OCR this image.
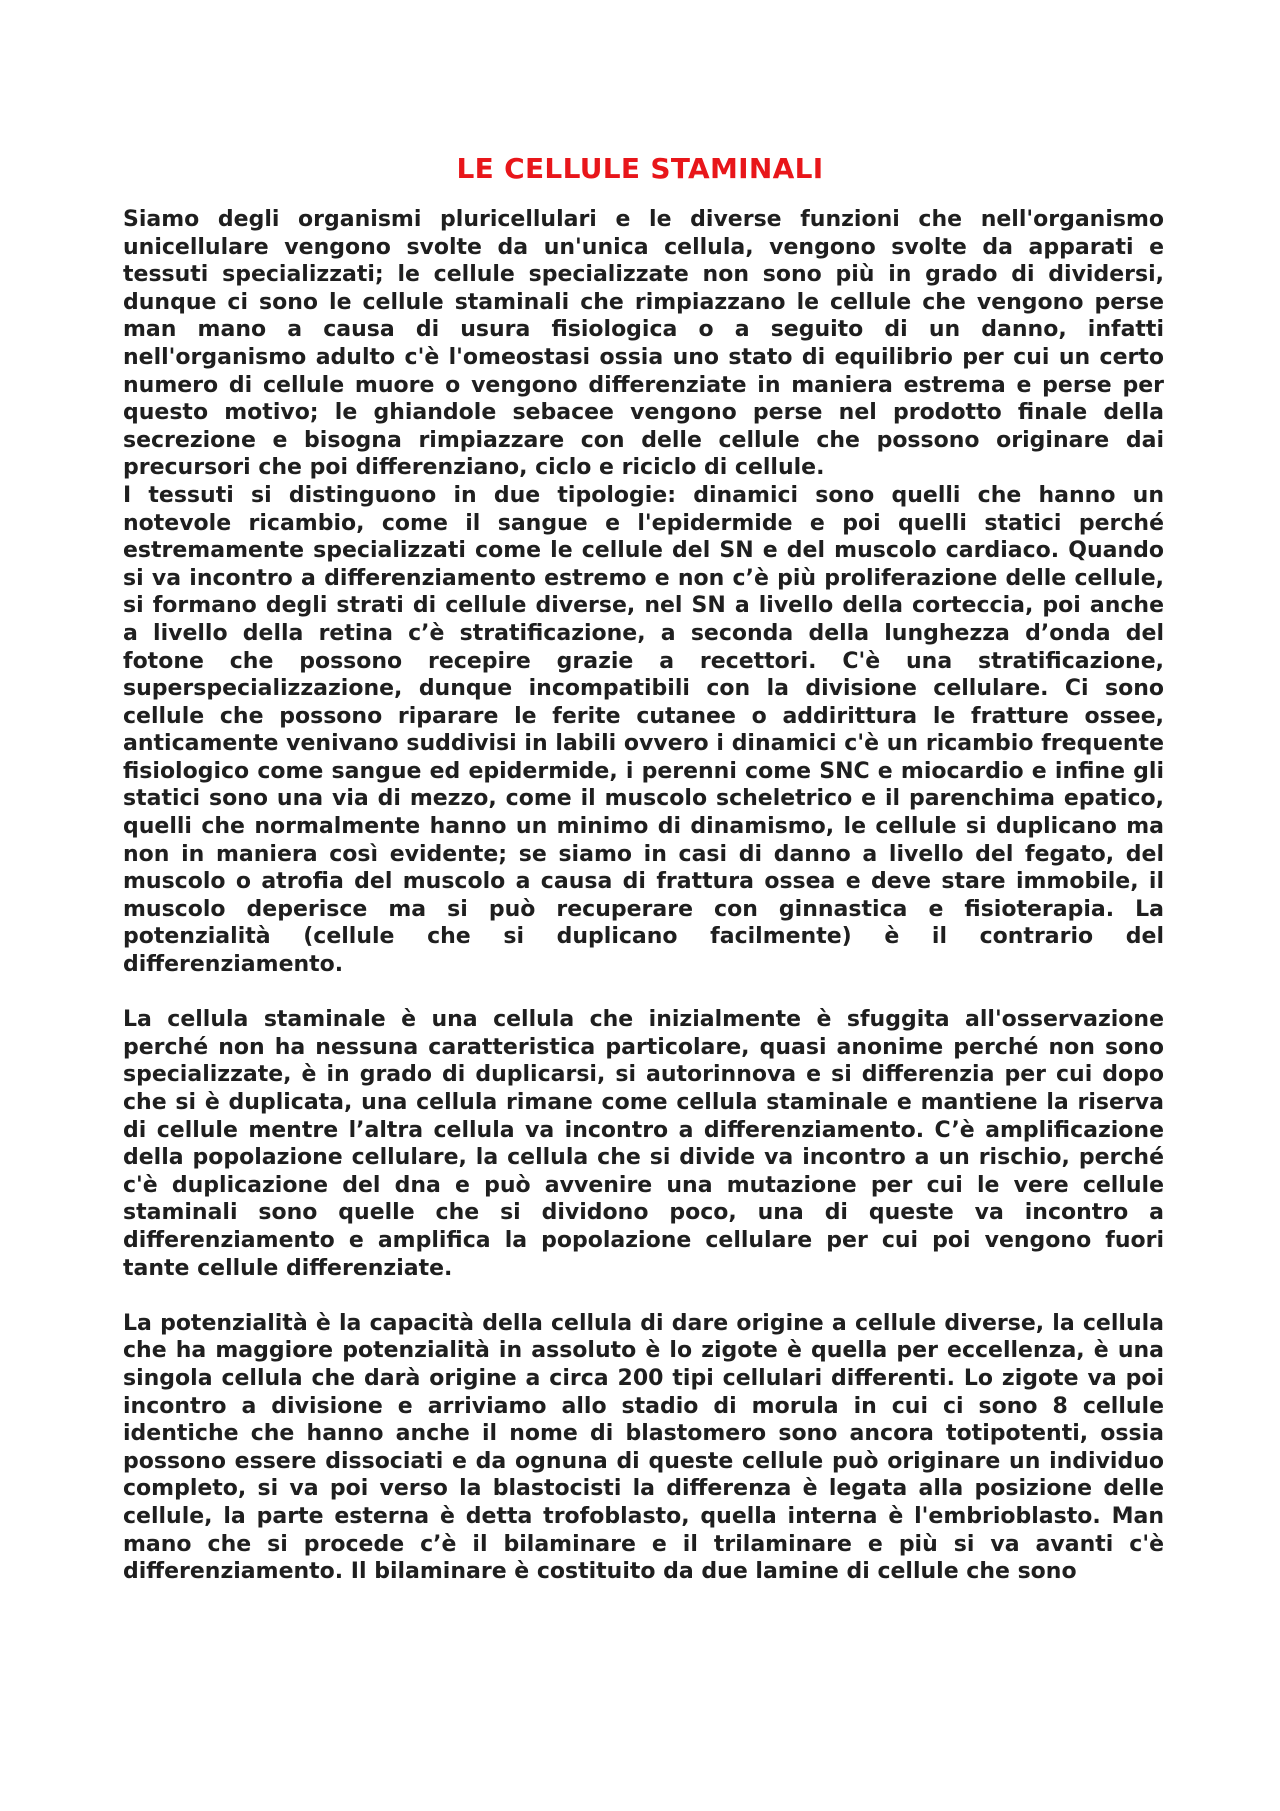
LE CELLULE STAMINALI

Siamo degli organismi pluricellulari e le diverse funzioni che nell'organismo unicellulare vengono svolte da un'unica cellula, vengono svolte da apparati e tessuti specializzati; le cellule specializzate non sono più in grado di dividersi, dunque ci sono le cellule staminali che rimpiazzano le cellule che vengono perse man mano a causa di usura fisiologica o a seguito di un danno, infatti nell'organismo adulto c'è l'omeostasi ossia uno stato di equilibrio per cui un certo numero di cellule muore o vengono differenziate in maniera estrema e perse per questo motivo; le ghiandole sebacee vengono perse nel prodotto finale della secrezione e bisogna rimpiazzare con delle cellule che possono originare dai precursori che poi differenziano, ciclo e riciclo di cellule.

I tessuti si distinguono in due tipologie: dinamici sono quelli che hanno un notevole ricambio, come il sangue e l'epidermide e poi quelli statici perché estremamente specializzati come le cellule del SN e del muscolo cardiaco. Quando si va incontro a differenziamento estremo e non c’è più proliferazione delle cellule, si formano degli strati di cellule diverse, nel SN a livello della corteccia, poi anche a livello della retina c’è stratificazione, a seconda della lunghezza d’onda del fotone che possono recepire grazie a recettori. C'è una stratificazione, superspecializzazione, dunque incompatibili con la divisione cellulare. Ci sono cellule che possono riparare le ferite cutanee o addirittura le fratture ossee, anticamente venivano suddivisi in labili ovvero i dinamici c'è un ricambio frequente fisiologico come sangue ed epidermide, i perenni come SNC e miocardio e infine gli statici sono una via di mezzo, come il muscolo scheletrico e il parenchima epatico, quelli che normalmente hanno un minimo di dinamismo, le cellule si duplicano ma non in maniera così evidente; se siamo in casi di danno a livello del fegato, del muscolo o atrofia del muscolo a causa di frattura ossea e deve stare immobile, il muscolo deperisce ma si può recuperare con ginnastica e fisioterapia. La potenzialità (cellule che si duplicano facilmente) è il contrario del differenziamento.

La cellula staminale è una cellula che inizialmente è sfuggita all'osservazione perché non ha nessuna caratteristica particolare, quasi anonime perché non sono specializzate, è in grado di duplicarsi, si autorinnova e si differenzia per cui dopo che si è duplicata, una cellula rimane come cellula staminale e mantiene la riserva di cellule mentre l’altra cellula va incontro a differenziamento. C’è amplificazione della popolazione cellulare, la cellula che si divide va incontro a un rischio, perché c'è duplicazione del dna e può avvenire una mutazione per cui le vere cellule staminali sono quelle che si dividono poco, una di queste va incontro a differenziamento e amplifica la popolazione cellulare per cui poi vengono fuori tante cellule differenziate.

La potenzialità è la capacità della cellula di dare origine a cellule diverse, la cellula che ha maggiore potenzialità in assoluto è lo zigote è quella per eccellenza, è una singola cellula che darà origine a circa 200 tipi cellulari differenti. Lo zigote va poi incontro a divisione e arriviamo allo stadio di morula in cui ci sono 8 cellule identiche che hanno anche il nome di blastomero sono ancora totipotenti, ossia possono essere dissociati e da ognuna di queste cellule può originare un individuo completo, si va poi verso la blastocisti la differenza è legata alla posizione delle cellule, la parte esterna è detta trofoblasto, quella interna è l'embrioblasto. Man mano che si procede c’è il bilaminare e il trilaminare e più si va avanti c'è differenziamento. Il bilaminare è costituito da due lamine di cellule che sono
